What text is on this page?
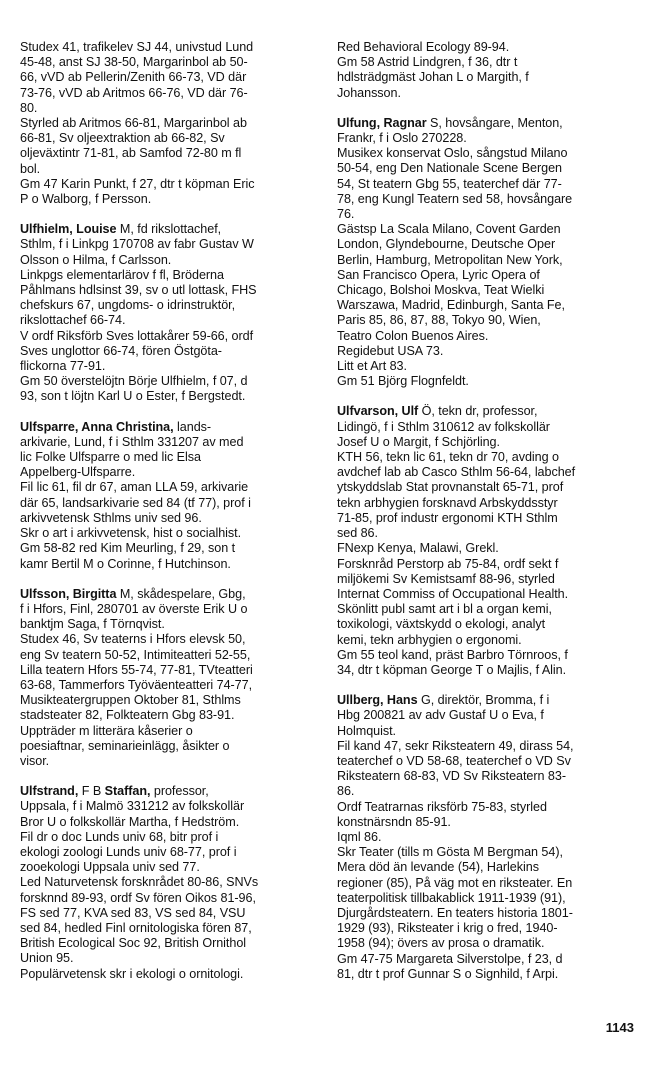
Studex 41, trafikelev SJ 44, univstud Lund
45-48, anst SJ 38-50, Margarinbol ab 50-
66, vVD ab Pellerin/Zenith 66-73, VD där
73-76, vVD ab Aritmos 66-76, VD där 76-
80.
Styrled ab Aritmos 66-81, Margarinbol ab
66-81, Sv oljeextraktion ab 66-82, Sv
oljeväxtintr 71-81, ab Samfod 72-80 m fl
bol.
Gm 47 Karin Punkt, f 27, dtr t köpman Eric
P o Walborg, f Persson.
Ulfhielm, Louise M, fd rikslottachef,
Sthlm, f i Linkpg 170708 av fabr Gustav W
Olsson o Hilma, f Carlsson.
Linkpgs elementarlärov f fl, Bröderna
Påhlmans hdlsinst 39, sv o utl lottask, FHS
chefskurs 67, ungdoms- o idrinstruktör,
rikslottachef 66-74.
V ordf Riksförb Sves lottakårer 59-66, ordf
Sves unglottor 66-74, fören Östgöta-
flickorna 77-91.
Gm 50 överstelöjtn Börje Ulfhielm, f 07, d
93, son t löjtn Karl U o Ester, f Bergstedt.
Ulfsparre, Anna Christina, lands-
arkivarie, Lund, f i Sthlm 331207 av med
lic Folke Ulfsparre o med lic Elsa
Appelberg-Ulfsparre.
Fil lic 61, fil dr 67, aman LLA 59, arkivarie
där 65, landsarkivarie sed 84 (tf 77), prof i
arkivvetensk Sthlms univ sed 96.
Skr o art i arkivvetensk, hist o socialhist.
Gm 58-82 red Kim Meurling, f 29, son t
kamr Bertil M o Corinne, f Hutchinson.
Ulfsson, Birgitta M, skådespelare, Gbg,
f i Hfors, Finl, 280701 av överste Erik U o
banktjm Saga, f Törnqvist.
Studex 46, Sv teaterns i Hfors elevsk 50,
eng Sv teatern 50-52, Intimiteatteri 52-55,
Lilla teatern Hfors 55-74, 77-81, TVteatteri
63-68, Tammerfors Työväenteatteri 74-77,
Musikteatergruppen Oktober 81, Sthlms
stadsteater 82, Folkteatern Gbg 83-91.
Uppträder m litterära kåserier o
poesiaftnar, seminarieinlägg, åsikter o
visor.
Ulfstrand, F B Staffan, professor,
Uppsala, f i Malmö 331212 av folkskollär
Bror U o folkskollär Martha, f Hedström.
Fil dr o doc Lunds univ 68, bitr prof i
ekologi zoologi Lunds univ 68-77, prof i
zooekologi Uppsala univ sed 77.
Led Naturvetensk forsknrådet 80-86, SNVs
forsknnd 89-93, ordf Sv fören Oikos 81-96,
FS sed 77, KVA sed 83, VS sed 84, VSU
sed 84, hedled Finl ornitologiska fören 87,
British Ecological Soc 92, British Ornithol
Union 95.
Populärvetensk skr i ekologi o ornitologi.
Red Behavioral Ecology 89-94.
Gm 58 Astrid Lindgren, f 36, dtr t
hdlsträdgmäst Johan L o Margith, f
Johansson.
Ulfung, Ragnar S, hovsångare, Menton,
Frankr, f i Oslo 270228.
Musikex konservat Oslo, sångstud Milano
50-54, eng Den Nationale Scene Bergen
54, St teatern Gbg 55, teaterchef där 77-
78, eng Kungl Teatern sed 58, hovsångare
76.
Gästsp La Scala Milano, Covent Garden
London, Glyndebourne, Deutsche Oper
Berlin, Hamburg, Metropolitan New York,
San Francisco Opera, Lyric Opera of
Chicago, Bolshoi Moskva, Teat Wielki
Warszawa, Madrid, Edinburgh, Santa Fe,
Paris 85, 86, 87, 88, Tokyo 90, Wien,
Teatro Colon Buenos Aires.
Regidebut USA 73.
Litt et Art 83.
Gm 51 Björg Flognfeldt.
Ulfvarson, Ulf Ö, tekn dr, professor,
Lidingö, f i Sthlm 310612 av folkskollär
Josef U o Margit, f Schjörling.
KTH 56, tekn lic 61, tekn dr 70, avding o
avdchef lab ab Casco Sthlm 56-64, labchef
ytskyddslab Stat provnanstalt 65-71, prof
tekn arbhygien forsknavd Arbskyddsstyr
71-85, prof industr ergonomi KTH Sthlm
sed 86.
FNexp Kenya, Malawi, Grekl.
Forsknråd Perstorp ab 75-84, ordf sekt f
miljökemi Sv Kemistsamf 88-96, styrled
Internat Commiss of Occupational Health.
Skönlitt publ samt art i bl a organ kemi,
toxikologi, växtskydd o ekologi, analyt
kemi, tekn arbhygien o ergonomi.
Gm 55 teol kand, präst Barbro Törnroos, f
34, dtr t köpman George T o Majlis, f Alin.
Ullberg, Hans G, direktör, Bromma, f i
Hbg 200821 av adv Gustaf U o Eva, f
Holmquist.
Fil kand 47, sekr Riksteatern 49, dirass 54,
teaterchef o VD 58-68, teaterchef o VD Sv
Riksteatern 68-83, VD Sv Riksteatern 83-
86.
Ordf Teatrarnas riksförb 75-83, styrled
konstnärsndn 85-91.
Iqml 86.
Skr Teater (tills m Gösta M Bergman 54),
Mera död än levande (54), Harlekins
regioner (85), På väg mot en riksteater. En
teaterpolitisk tillbakablick 1911-1939 (91),
Djurgårdsteatern. En teaters historia 1801-
1929 (93), Riksteater i krig o fred, 1940-
1958 (94); övers av prosa o dramatik.
Gm 47-75 Margareta Silverstolpe, f 23, d
81, dtr t prof Gunnar S o Signhild, f Arpi.
1143
